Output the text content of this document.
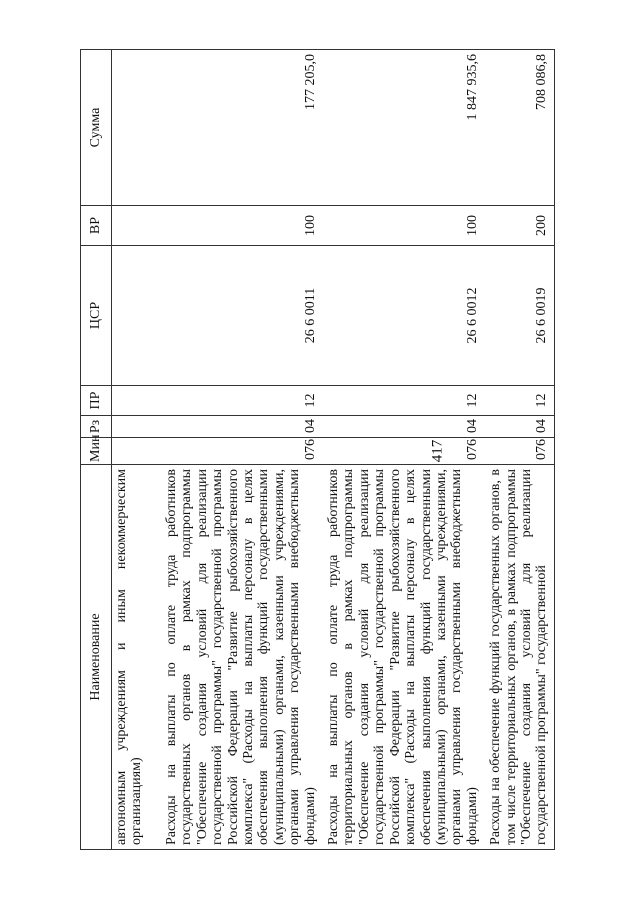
417
Наименование	Мин	Рз	ПР	ЦСР	ВР	Сумма
автономным учреждениям и иным некоммерческим организациям)						
Расходы на выплаты по оплате труда работников государственных органов в рамках подпрограммы "Обеспечение создания условий для реализации государственной программы" государственной программы Российской Федерации "Развитие рыбохозяйственного комплекса" (Расходы на выплаты персоналу в целях обеспечения выполнения функций государственными (муниципальными) органами, казенными учреждениями, органами управления государственными внебюджетными фондами)	076	04	12	26 6 0011	100	177 205,0
Расходы на выплаты по оплате труда работников территориальных органов в рамках подпрограммы "Обеспечение создания условий для реализации государственной программы" государственной программы Российской Федерации "Развитие рыбохозяйственного комплекса" (Расходы на выплаты персоналу в целях обеспечения выполнения функций государственными (муниципальными) органами, казенными учреждениями, органами управления государственными внебюджетными фондами)	076	04	12	26 6 0012	100	1 847 935,6
Расходы на обеспечение функций государственных органов, в том числе территориальных органов, в рамках подпрограммы "Обеспечение создания условий для реализации государственной программы" государственной	076	04	12	26 6 0019	200	708 086,8
